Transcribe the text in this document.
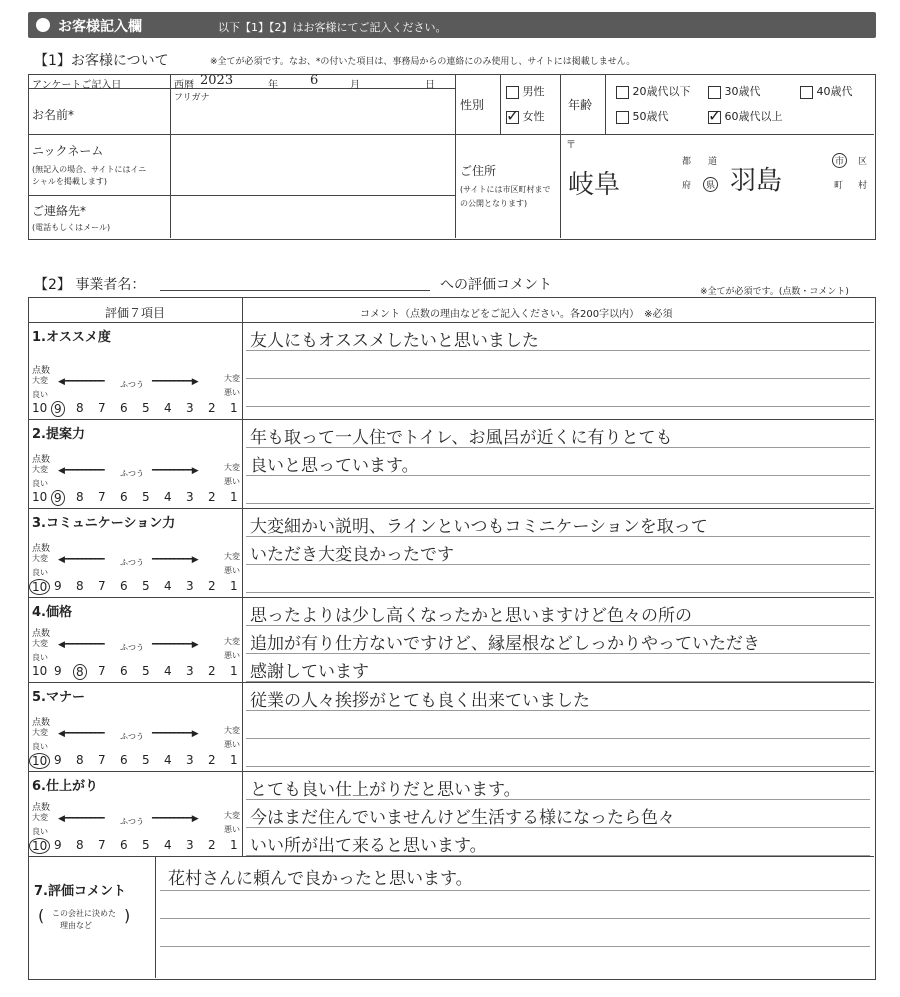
お客様記入欄	以下【1】【2】はお客様にてご記入ください。
【1】お客様について	※全てが必須です。なお、*の付いた項目は、事務局からの連絡にのみ使用し、サイトには掲載しません。
アンケートご記入日	西暦 2023	年 6	月	日
フリガナ
お名前*
ニックネーム
(無記入の場合、サイトにはイニ
シャルを掲載します)
ご連絡先*
(電話もしくはメール)
性別
男性
✓ 女性
年齢
20歳代以下	30歳代	40歳代
50歳代
✓	60歳代以上
ご住所
(サイトには市区町村まで
の公開となります)
〒
岐阜
都 道
府	県 羽島
市	区
町 村
【2】 事業者名：	への評価コメント	※全てが必須です。(点数・コメント)
評価７項目	コメント（点数の理由などをご記入ください。各200字以内）　※必須
1.オススメ度
点数
大変
良い
ふつう
大変
悪い
◀━━━━━━━━━	━━━━━━━━━▶
10 9 8 7 6 5 4 3 2 1
友人にもオススメしたいと思いました
2.提案力
点数
大変
良い
ふつう
大変
悪い
◀━━━━━━━━━	━━━━━━━━━▶
10 9 8 7 6 5 4 3 2 1
年も取って一人住でトイレ、お風呂が近くに有りとても
良いと思っています。
3.コミュニケーション力
点数
大変
良い
ふつう
大変
悪い
◀━━━━━━━━━	━━━━━━━━━▶
10 9 8 7 6 5 4 3 2 1
大変細かい説明、ラインといつもコミニケーションを取って
いただき大変良かったです
4.価格
点数
大変
良い
ふつう
大変
悪い
◀━━━━━━━━━	━━━━━━━━━▶
10 9 8 7 6 5 4 3 2 1
思ったよりは少し高くなったかと思いますけど色々の所の
追加が有り仕方ないですけど、縁屋根などしっかりやっていただき
感謝しています
5.マナー
点数
大変
良い
ふつう
大変
悪い
◀━━━━━━━━━	━━━━━━━━━▶
10 9 8 7 6 5 4 3 2 1
従業の人々挨拶がとても良く出来ていました
6.仕上がり
点数
大変
良い
ふつう
大変
悪い
◀━━━━━━━━━	━━━━━━━━━▶
10 9 8 7 6 5 4 3 2 1
とても良い仕上がりだと思います。
今はまだ住んでいませんけど生活する様になったら色々
いい所が出て来ると思います。
7.評価コメント
この会社に決めた
理由など
(	)
花村さんに頼んで良かったと思います。
